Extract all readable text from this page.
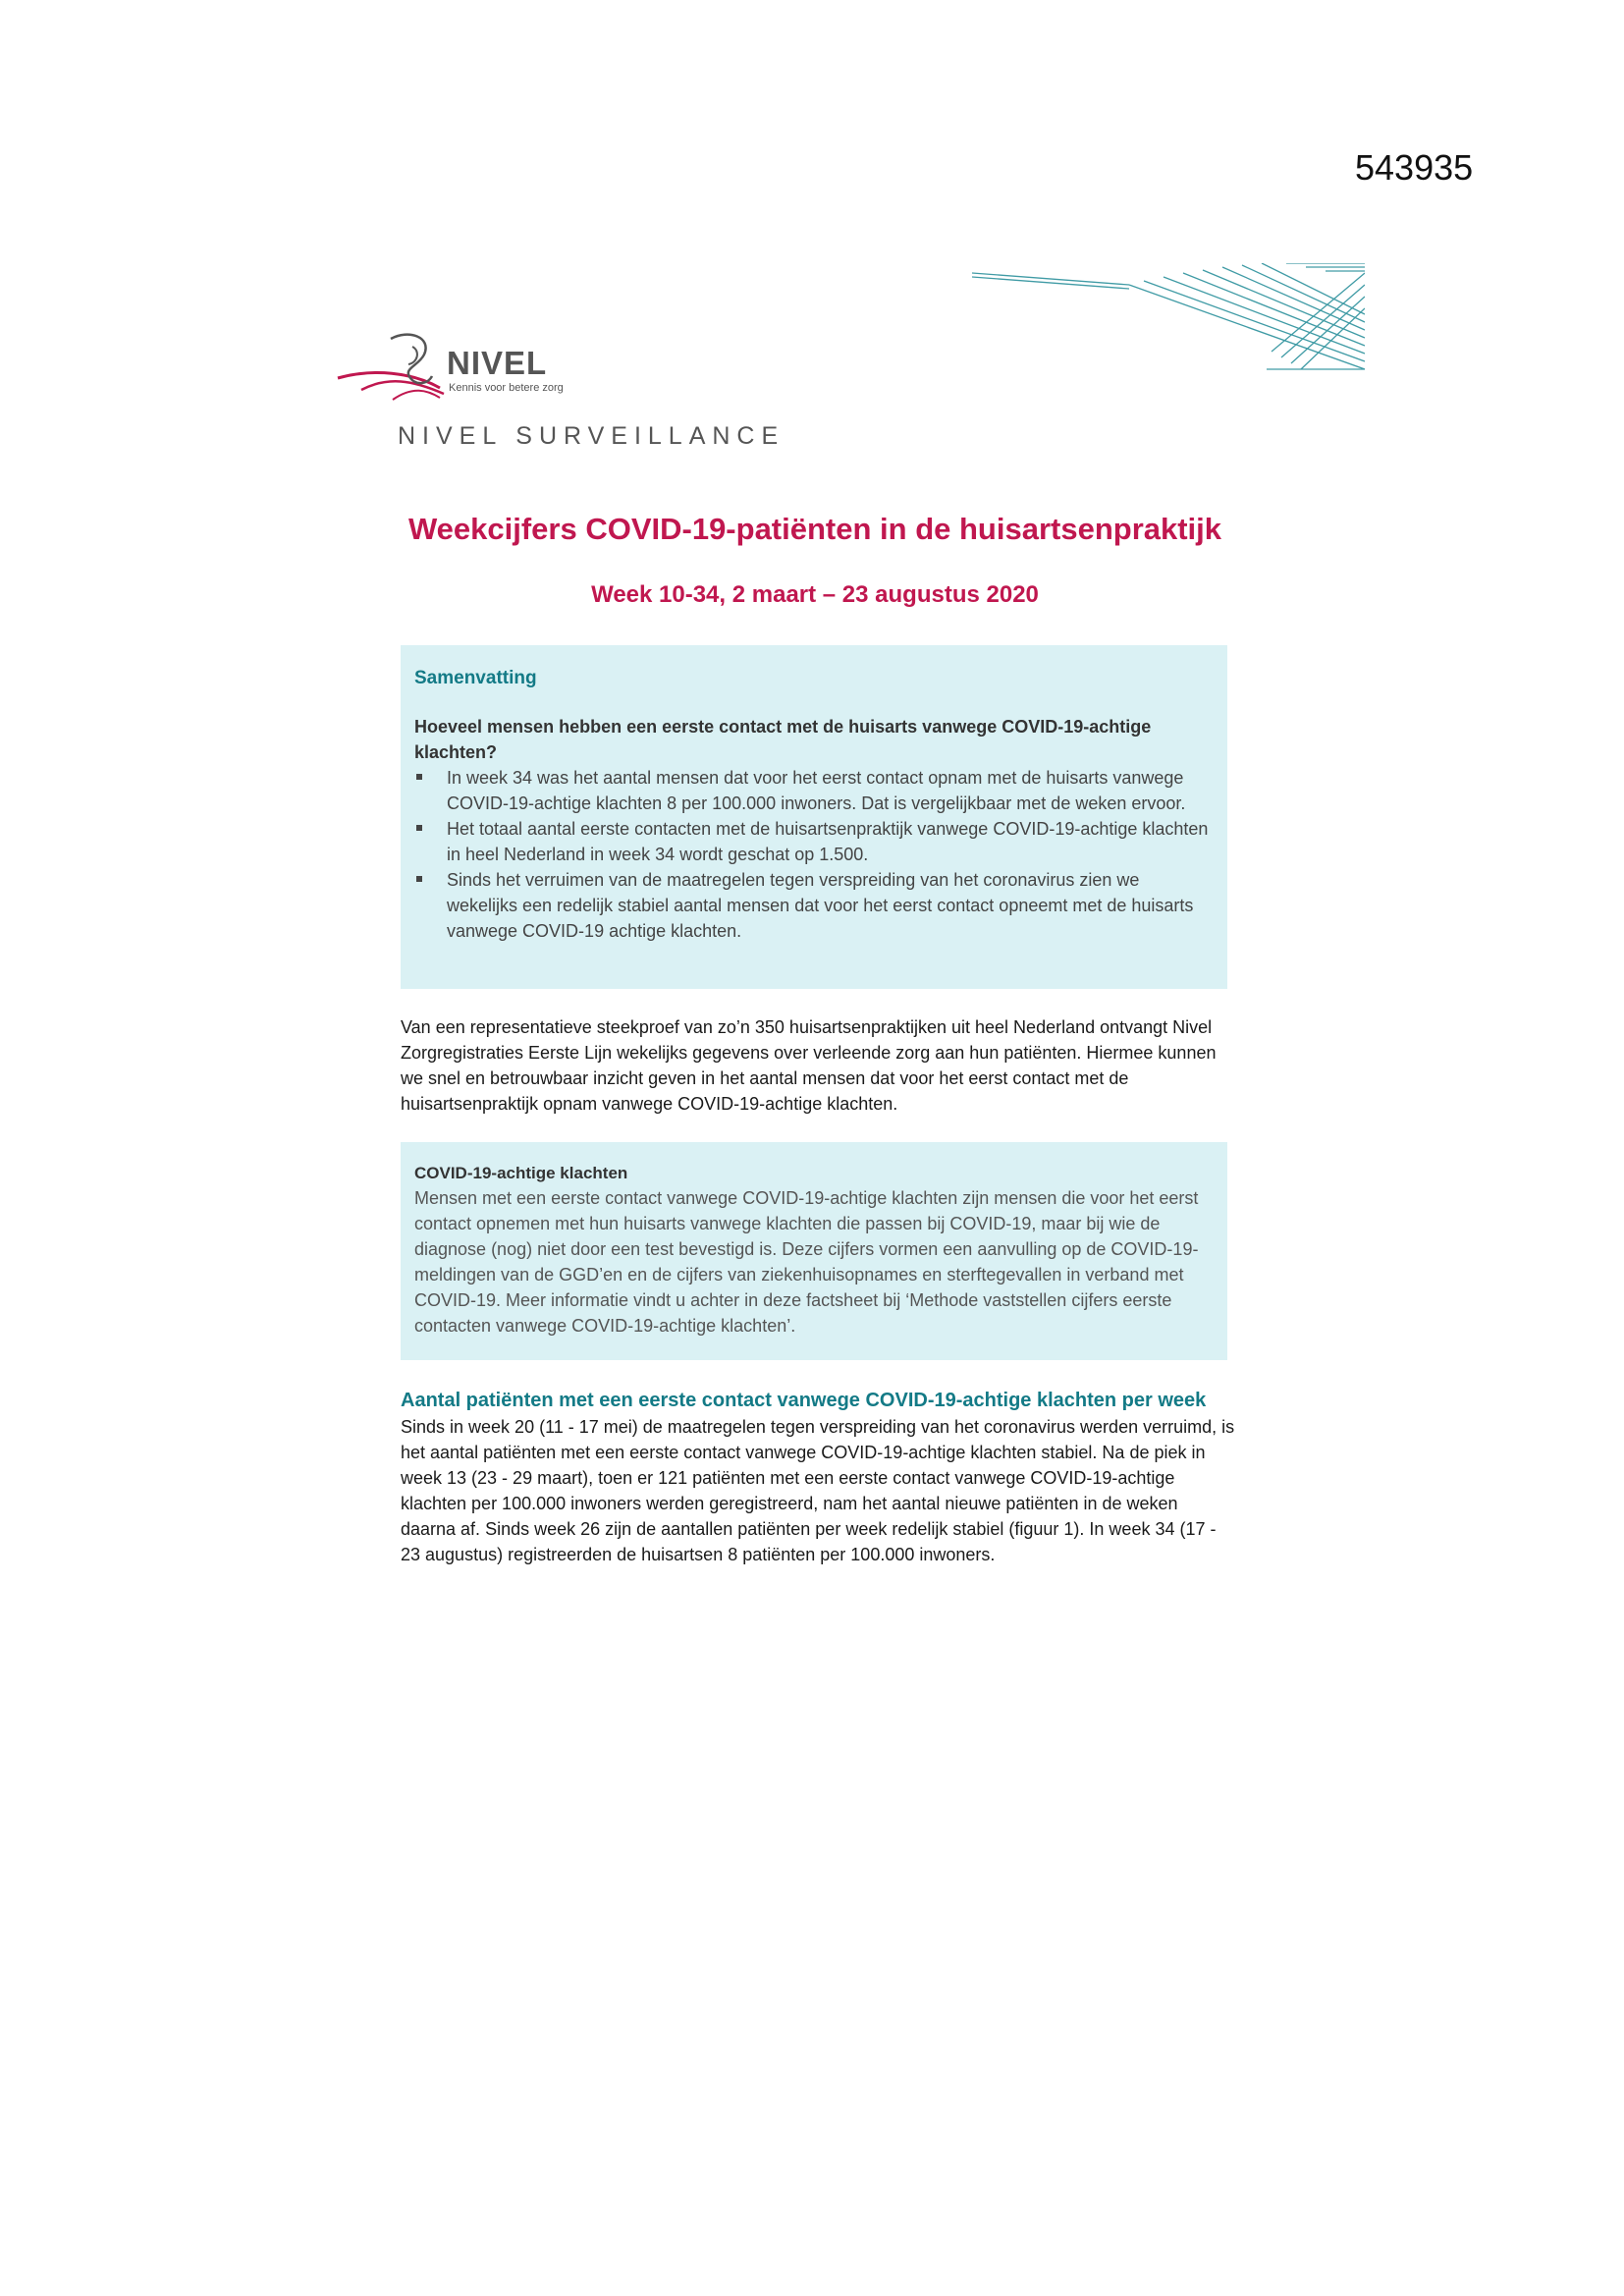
543935
NIVEL
Kennis voor betere zorg
NIVEL SURVEILLANCE
Weekcijfers COVID-19-patiënten in de huisartsenpraktijk
Week 10-34, 2 maart – 23 augustus 2020
Samenvatting
Hoeveel mensen hebben een eerste contact met de huisarts vanwege COVID-19-achtige klachten?
In week 34 was het aantal mensen dat voor het eerst contact opnam met de huisarts vanwege COVID-19-achtige klachten 8 per 100.000 inwoners. Dat is vergelijkbaar met de weken ervoor.
Het totaal aantal eerste contacten met de huisartsenpraktijk vanwege COVID-19-achtige klachten in heel Nederland in week 34 wordt geschat op 1.500.
Sinds het verruimen van de maatregelen tegen verspreiding van het coronavirus zien we wekelijks een redelijk stabiel aantal mensen dat voor het eerst contact opneemt met de huisarts vanwege COVID-19 achtige klachten.
Van een representatieve steekproef van zo’n 350 huisartsenpraktijken uit heel Nederland ontvangt Nivel Zorgregistraties Eerste Lijn wekelijks gegevens over verleende zorg aan hun patiënten. Hiermee kunnen we snel en betrouwbaar inzicht geven in het aantal mensen dat voor het eerst contact met de huisartsenpraktijk opnam vanwege COVID-19-achtige klachten.
COVID-19-achtige klachten

Mensen met een eerste contact vanwege COVID-19-achtige klachten zijn mensen die voor het eerst contact opnemen met hun huisarts vanwege klachten die passen bij COVID-19, maar bij wie de diagnose (nog) niet door een test bevestigd is. Deze cijfers vormen een aanvulling op de COVID-19-meldingen van de GGD’en en de cijfers van ziekenhuisopnames en sterftegevallen in verband met COVID-19. Meer informatie vindt u achter in deze factsheet bij ‘Methode vaststellen cijfers eerste contacten vanwege COVID-19-achtige klachten’.

Aantal patiënten met een eerste contact vanwege COVID-19-achtige klachten per week
Sinds in week 20 (11 - 17 mei) de maatregelen tegen verspreiding van het coronavirus werden verruimd, is het aantal patiënten met een eerste contact vanwege COVID-19-achtige klachten stabiel. Na de piek in week 13 (23 - 29 maart), toen er 121 patiënten met een eerste contact vanwege COVID-19-achtige klachten per 100.000 inwoners werden geregistreerd, nam het aantal nieuwe patiënten in de weken daarna af. Sinds week 26 zijn de aantallen patiënten per week redelijk stabiel (figuur 1). In week 34 (17 - 23 augustus) registreerden de huisartsen 8 patiënten per 100.000 inwoners.
